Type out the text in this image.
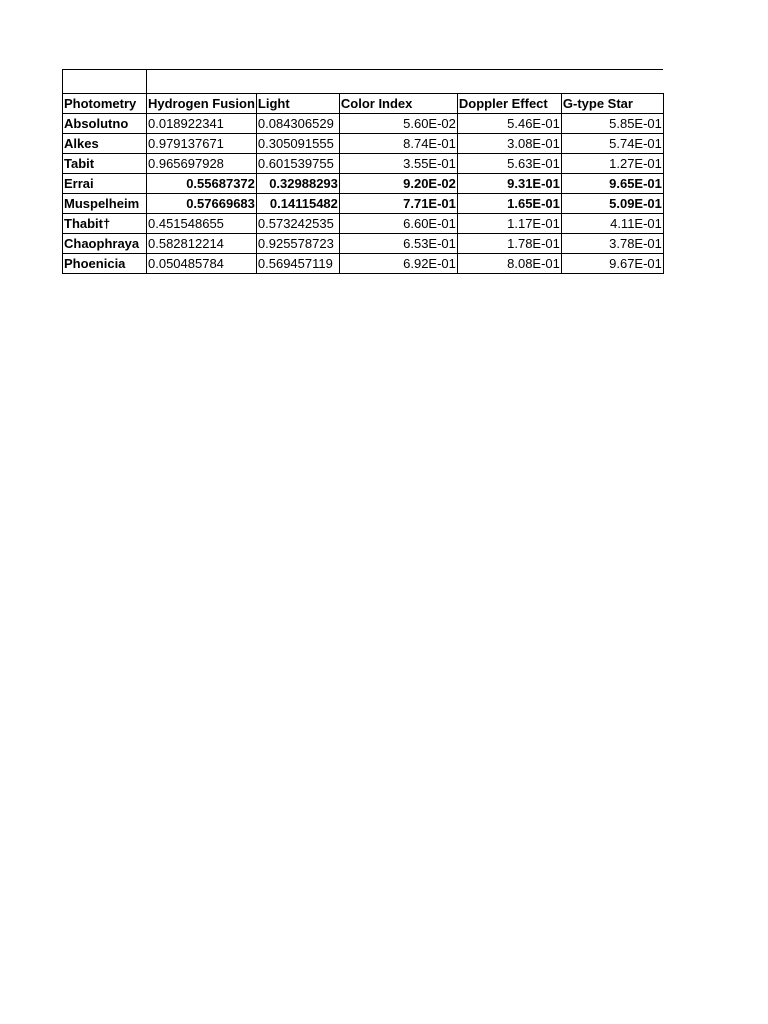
Photometry	Hydrogen Fusion	Light	Color Index	Doppler Effect	G-type Star
Absolutno	0.018922341	0.084306529	5.60E-02	5.46E-01	5.85E-01
Alkes	0.979137671	0.305091555	8.74E-01	3.08E-01	5.74E-01
Tabit	0.965697928	0.601539755	3.55E-01	5.63E-01	1.27E-01
Errai	0.55687372	0.32988293	9.20E-02	9.31E-01	9.65E-01
Muspelheim	0.57669683	0.14115482	7.71E-01	1.65E-01	5.09E-01
Thabit†	0.451548655	0.573242535	6.60E-01	1.17E-01	4.11E-01
Chaophraya	0.582812214	0.925578723	6.53E-01	1.78E-01	3.78E-01
Phoenicia	0.050485784	0.569457119	6.92E-01	8.08E-01	9.67E-01
